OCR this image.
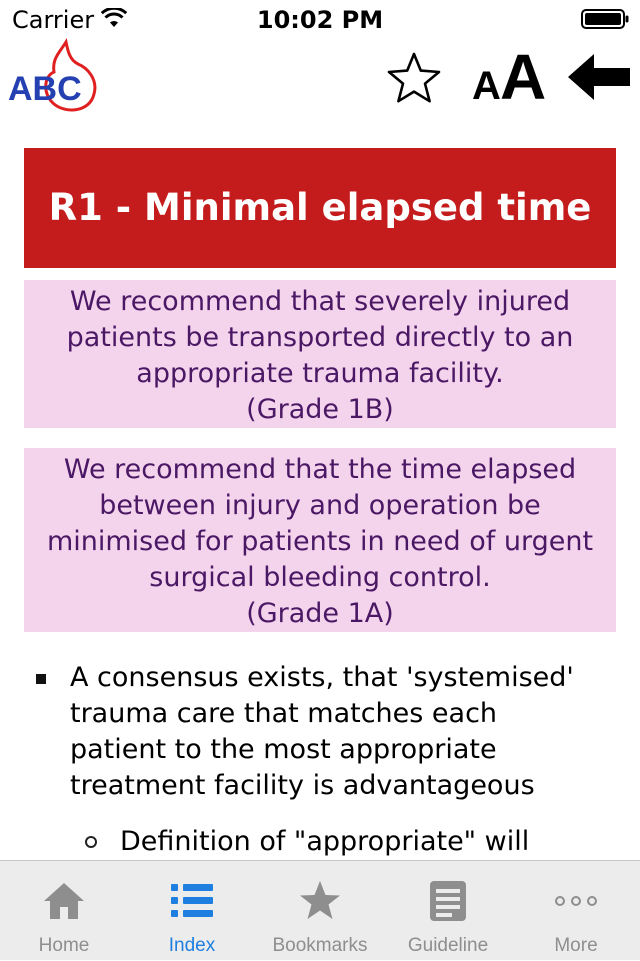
Carrier	10:02 PM
ABC	A A
R1 - Minimal elapsed time
We recommend that severely injured patients be transported directly to an appropriate trauma facility.
(Grade 1B)
We recommend that the time elapsed between injury and operation be minimised for patients in need of urgent surgical bleeding control.
(Grade 1A)
A consensus exists, that 'systemised' trauma care that matches each patient to the most appropriate treatment facility is advantageous
Definition of "appropriate" will
Home	Index	Bookmarks	Guideline	More
